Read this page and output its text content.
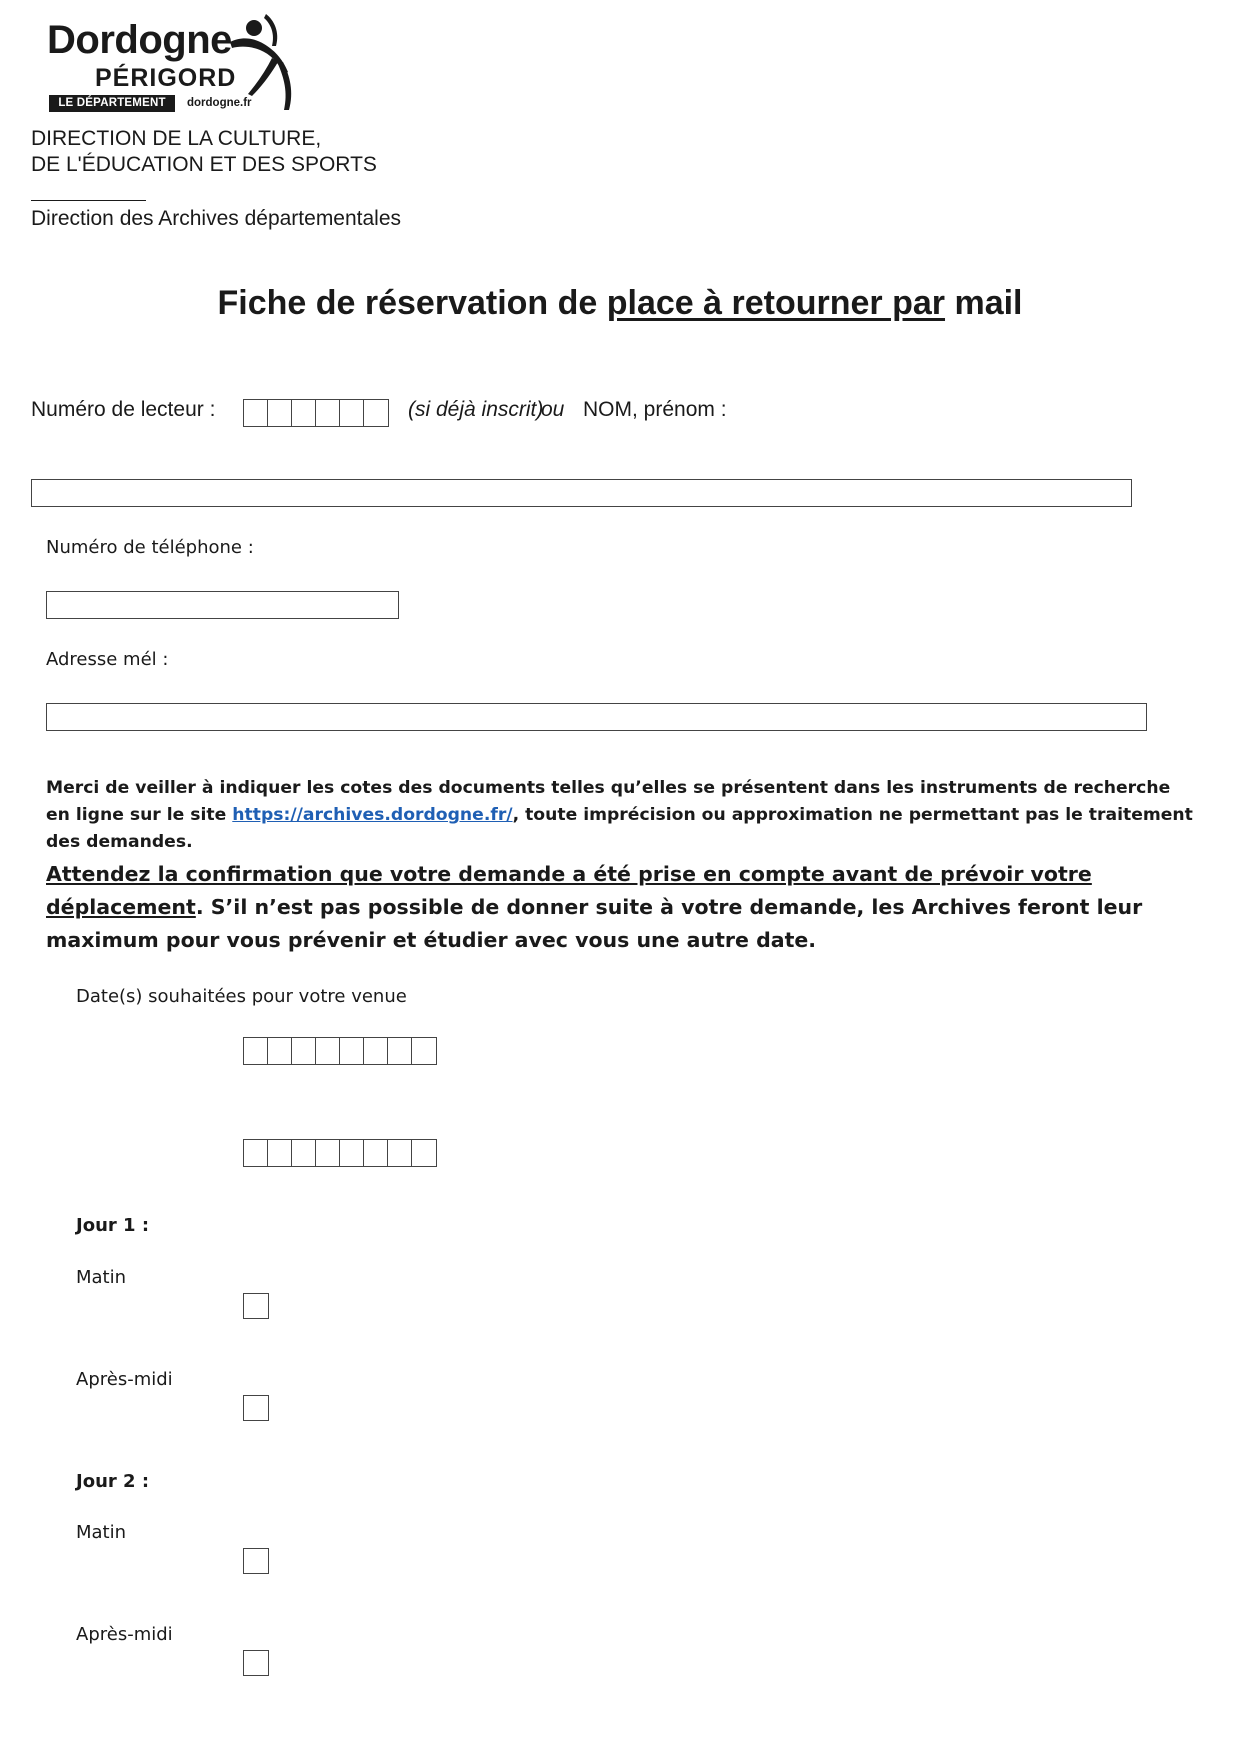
Dordogne
PÉRIGORD
LE DÉPARTEMENT	dordogne.fr
DIRECTION DE LA CULTURE,
DE L'ÉDUCATION ET DES SPORTS
Direction des Archives départementales
Fiche de réservation de place à retourner par mail
Numéro de lecteur :	(si déjà inscrit)
ou NOM, prénom :
Numéro de téléphone :
Adresse mél :
Merci de veiller à indiquer les cotes des documents telles qu’elles se présentent dans les instruments de recherche en ligne sur le site https://archives.dordogne.fr/, toute imprécision ou approximation ne permettant pas le traitement des demandes.
Attendez la confirmation que votre demande a été prise en compte avant de prévoir votre déplacement. S’il n’est pas possible de donner suite à votre demande, les Archives feront leur maximum pour vous prévenir et étudier avec vous une autre date.
Date(s) souhaitées pour votre venue
Jour 1 :
Matin
Après-midi
Jour 2 :
Matin
Après-midi
